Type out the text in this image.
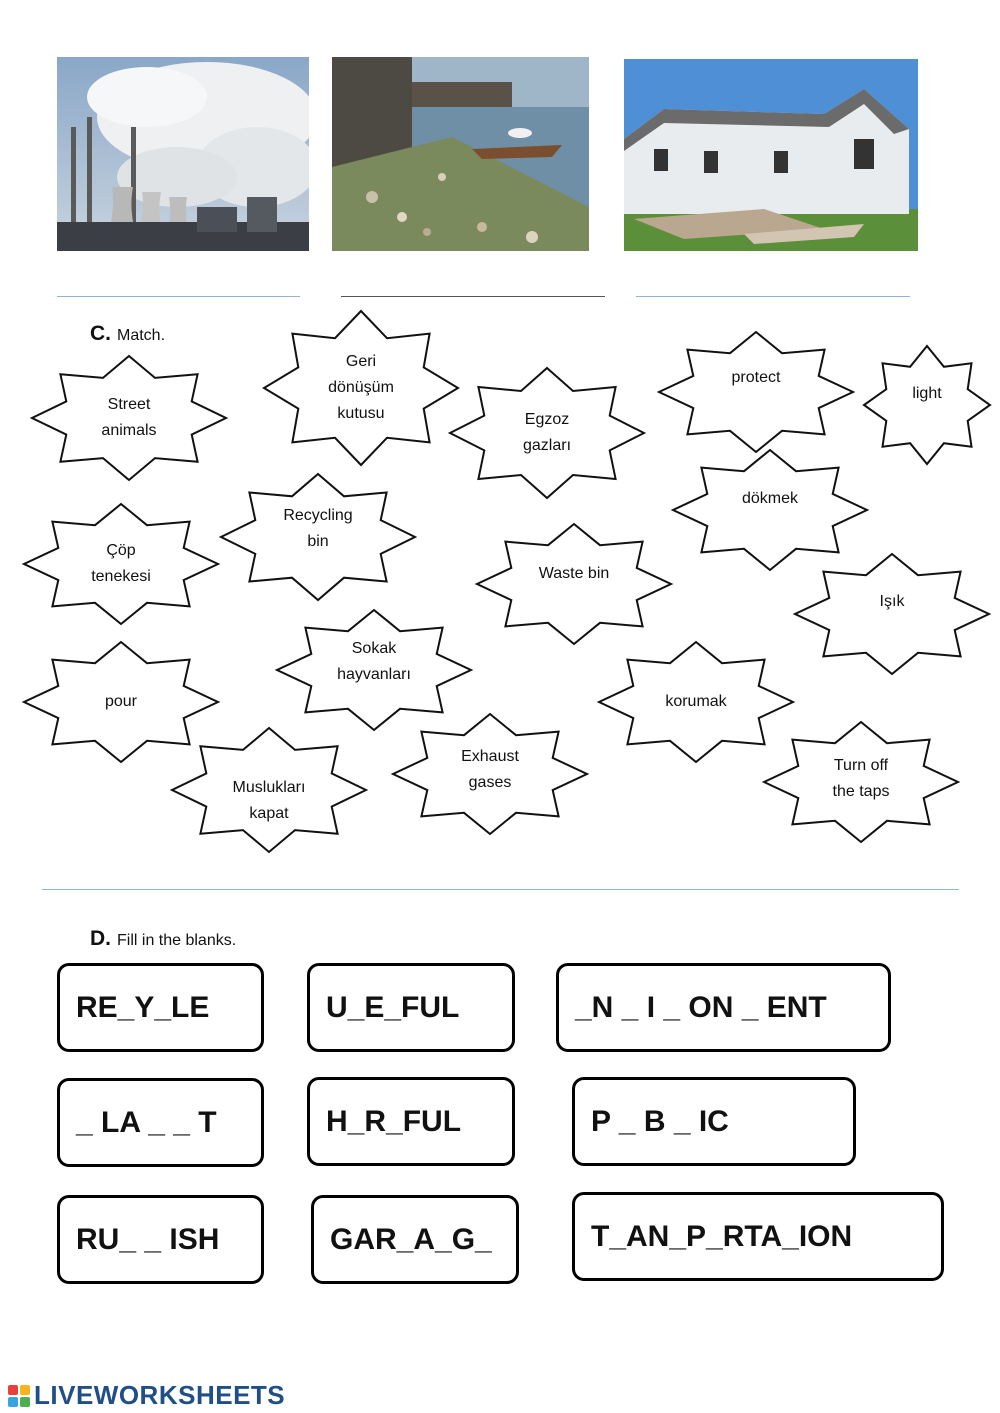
C. Match.
Street
animals
Geri
dönüşüm
kutusu	Egzoz
gazları
protect
light
dökmek
Recycling
bin
Çöp
tenekesi	Waste bin
Işık
Sokak
hayvanları
pour	korumak
Muslukları
kapat
Exhaust
gases
Turn off
the taps
D. Fill in the blanks.
RE_Y_LE	U_E_FUL	_N _ I _ ON _ ENT
_ LA _ _ T	H_R_FUL	P _ B _ IC
RU_ _ ISH	GAR_A_G_	T_AN_P_RTA_ION
LIVEWORKSHEETS
